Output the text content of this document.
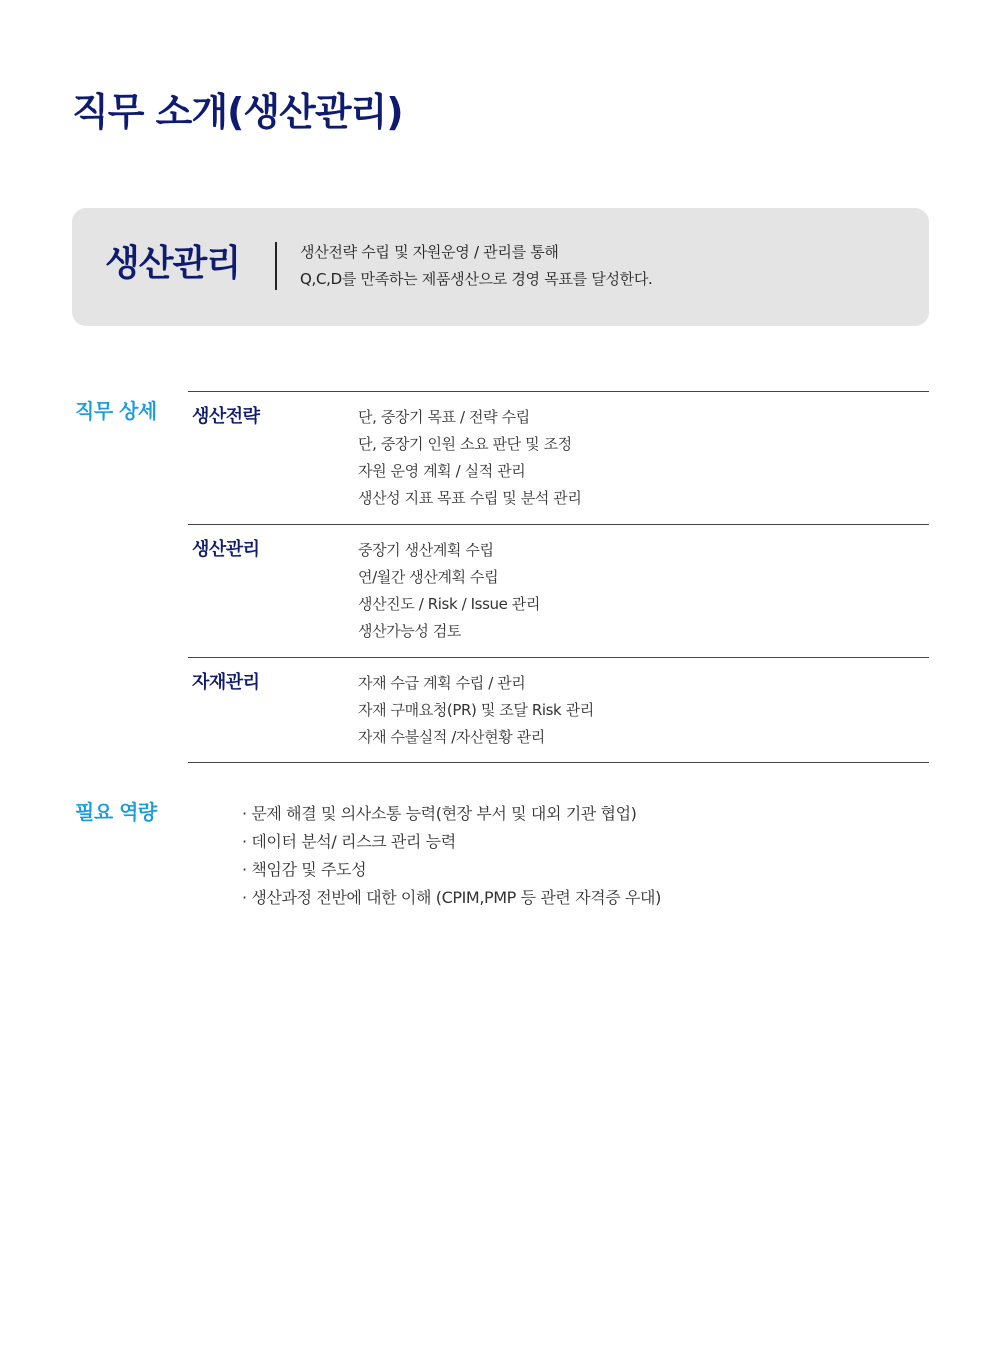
직무 소개(생산관리)
생산관리	생산전략 수립 및 자원운영 / 관리를 통해
Q,C,D를 만족하는 제품생산으로 경영 목표를 달성한다.
직무 상세 생산전략	단, 중장기 목표 / 전략 수립
단, 중장기 인원 소요 판단 및 조정
자원 운영 계획 / 실적 관리
생산성 지표 목표 수립 및 분석 관리
생산관리	중장기 생산계획 수립
연/월간 생산계획 수립
생산진도 / Risk / Issue 관리
생산가능성 검토
자재관리	자재 수급 계획 수립 / 관리
자재 구매요청(PR) 및 조달 Risk 관리
자재 수불실적 /자산현황 관리
필요 역량	· 문제 해결 및 의사소통 능력(현장 부서 및 대외 기관 협업)
· 데이터 분석/ 리스크 관리 능력
· 책임감 및 주도성
· 생산과정 전반에 대한 이해 (CPIM,PMP 등 관련 자격증 우대)
